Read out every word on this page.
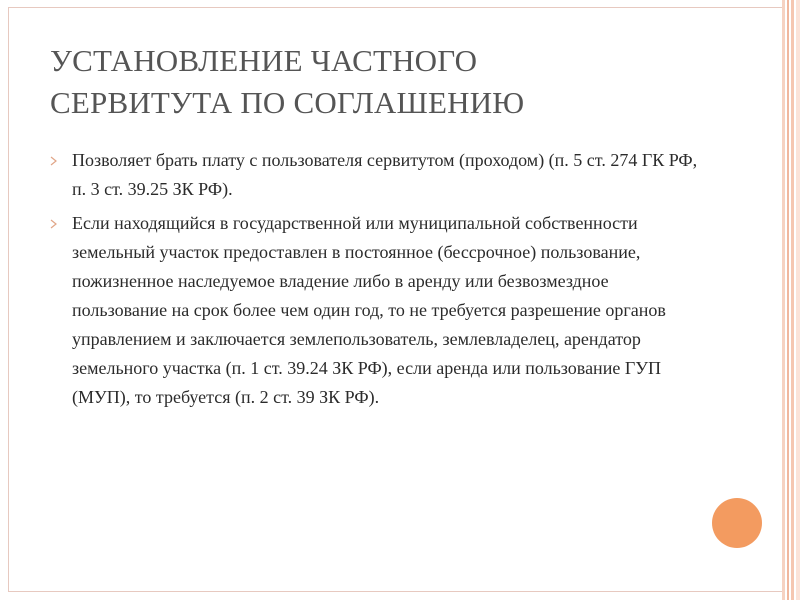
УСТАНОВЛЕНИЕ ЧАСТНОГО
СЕРВИТУТА ПО СОГЛАШЕНИЮ
Позволяет брать плату с пользователя сервитутом (проходом) (п. 5 ст. 274 ГК РФ, п. 3 ст. 39.25 ЗК РФ).
Если находящийся в государственной или муниципальной собственности земельный участок предоставлен в постоянное (бессрочное) пользование, пожизненное наследуемое владение либо в аренду или безвозмездное пользование на срок более чем один год, то не требуется разрешение органов управлением и заключается землепользователь, землевладелец, арендатор земельного участка (п. 1 ст. 39.24 ЗК РФ), если аренда или пользование ГУП (МУП), то требуется (п. 2 ст. 39 ЗК РФ).
